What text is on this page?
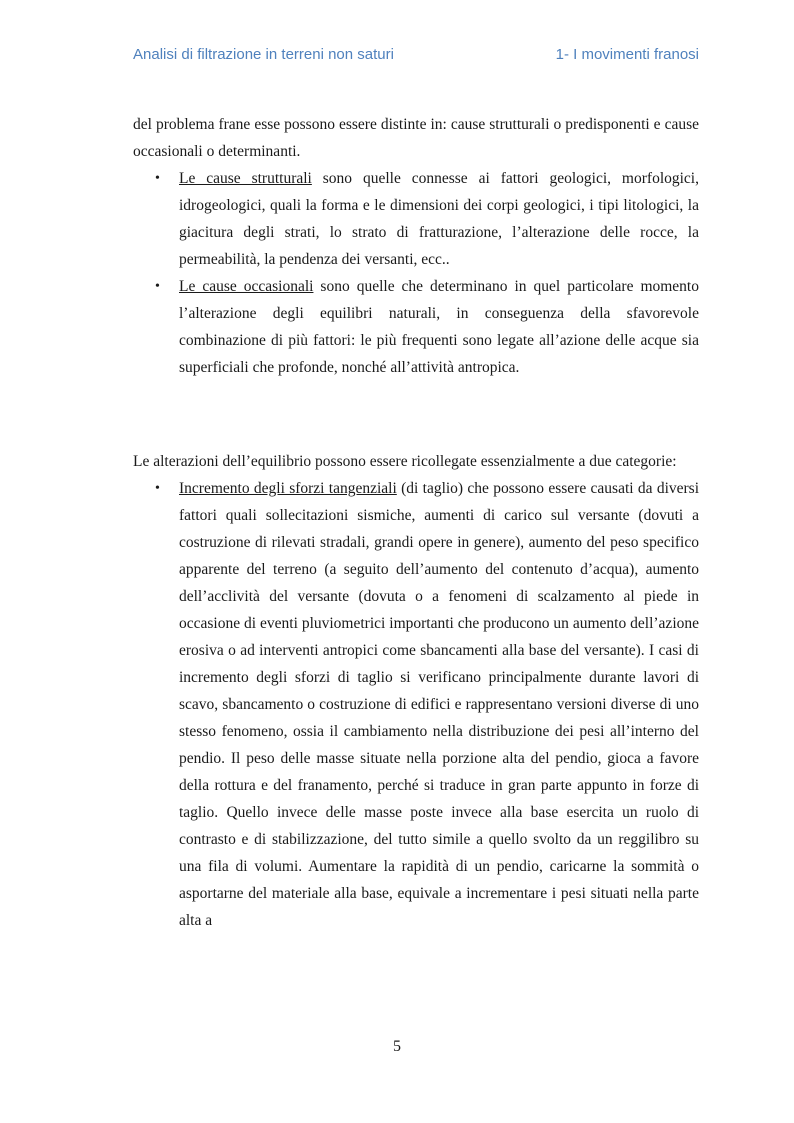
Analisi di filtrazione in terreni non saturi	1- I movimenti franosi

del problema frane esse possono essere distinte in: cause strutturali o predisponenti e cause occasionali o determinanti.

• Le cause strutturali sono quelle connesse ai fattori geologici, morfologici, idrogeologici, quali la forma e le dimensioni dei corpi geologici, i tipi litologici, la giacitura degli strati, lo strato di fratturazione, l’alterazione delle rocce, la permeabilità, la pendenza dei versanti, ecc..
• Le cause occasionali sono quelle che determinano in quel particolare momento l’alterazione degli equilibri naturali, in conseguenza della sfavorevole combinazione di più fattori: le più frequenti sono legate all’azione delle acque sia superficiali che profonde, nonché all’attività antropica.

Le alterazioni dell’equilibrio possono essere ricollegate essenzialmente a due categorie:

• Incremento degli sforzi tangenziali (di taglio) che possono essere causati da diversi fattori quali sollecitazioni sismiche, aumenti di carico sul versante (dovuti a costruzione di rilevati stradali, grandi opere in genere), aumento del peso specifico apparente del terreno (a seguito dell’aumento del contenuto d’acqua), aumento dell’acclività del versante (dovuta o a fenomeni di scalzamento al piede in occasione di eventi pluviometrici importanti che producono un aumento dell’azione erosiva o ad interventi antropici come sbancamenti alla base del versante). I casi di incremento degli sforzi di taglio si verificano principalmente durante lavori di scavo, sbancamento o costruzione di edifici e rappresentano versioni diverse di uno stesso fenomeno, ossia il cambiamento nella distribuzione dei pesi all’interno del pendio. Il peso delle masse situate nella porzione alta del pendio, gioca a favore della rottura e del franamento, perché si traduce in gran parte appunto in forze di taglio. Quello invece delle masse poste invece alla base esercita un ruolo di contrasto e di stabilizzazione, del tutto simile a quello svolto da un reggilibro su una fila di volumi. Aumentare la rapidità di un pendio, caricarne la sommità o asportarne del materiale alla base, equivale a incrementare i pesi situati nella parte alta a
5
